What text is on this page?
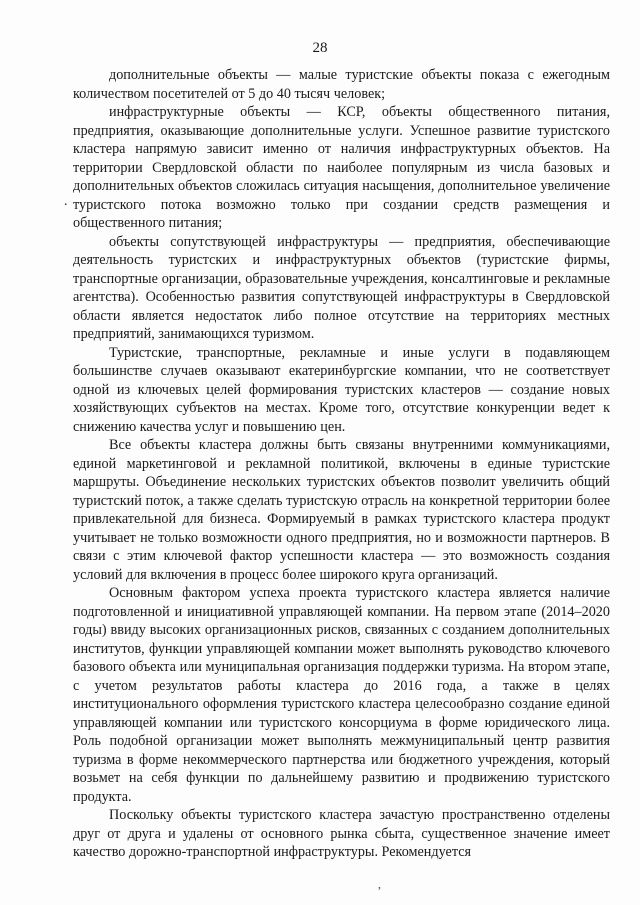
28
.

дополнительные объекты — малые туристские объекты показа с ежегодным количеством посетителей от 5 до 40 тысяч человек;

инфраструктурные объекты — КСР, объекты общественного питания, предприятия, оказывающие дополнительные услуги. Успешное развитие туристского кластера напрямую зависит именно от наличия инфраструктурных объектов. На территории Свердловской области по наиболее популярным из числа базовых и дополнительных объектов сложилась ситуация насыщения, дополнительное увеличение туристского потока возможно только при создании средств размещения и общественного питания;

объекты сопутствующей инфраструктуры — предприятия, обеспечивающие деятельность туристских и инфраструктурных объектов (туристские фирмы, транспортные организации, образовательные учреждения, консалтинговые и рекламные агентства). Особенностью развития сопутствующей инфраструктуры в Свердловской области является недостаток либо полное отсутствие на территориях местных предприятий, занимающихся туризмом.

Туристские, транспортные, рекламные и иные услуги в подавляющем большинстве случаев оказывают екатеринбургские компании, что не соответствует одной из ключевых целей формирования туристских кластеров — создание новых хозяйствующих субъектов на местах. Кроме того, отсутствие конкуренции ведет к снижению качества услуг и повышению цен.

Все объекты кластера должны быть связаны внутренними коммуникациями, единой маркетинговой и рекламной политикой, включены в единые туристские маршруты. Объединение нескольких туристских объектов позволит увеличить общий туристский поток, а также сделать туристскую отрасль на конкретной территории более привлекательной для бизнеса. Формируемый в рамках туристского кластера продукт учитывает не только возможности одного предприятия, но и возможности партнеров. В связи с этим ключевой фактор успешности кластера — это возможность создания условий для включения в процесс более широкого круга организаций.

Основным фактором успеха проекта туристского кластера является наличие подготовленной и инициативной управляющей компании. На первом этапе (2014–2020 годы) ввиду высоких организационных рисков, связанных с созданием дополнительных институтов, функции управляющей компании может выполнять руководство ключевого базового объекта или муниципальная организация поддержки туризма. На втором этапе, с учетом результатов работы кластера до 2016 года, а также в целях институционального оформления туристского кластера целесообразно создание единой управляющей компании или туристского консорциума в форме юридического лица. Роль подобной организации может выполнять межмуниципальный центр развития туризма в форме некоммерческого партнерства или бюджетного учреждения, который возьмет на себя функции по дальнейшему развитию и продвижению туристского продукта.

Поскольку объекты туристского кластера зачастую пространственно отделены друг от друга и удалены от основного рынка сбыта, существенное значение имеет качество дорожно-транспортной инфраструктуры. Рекомендуется

,
